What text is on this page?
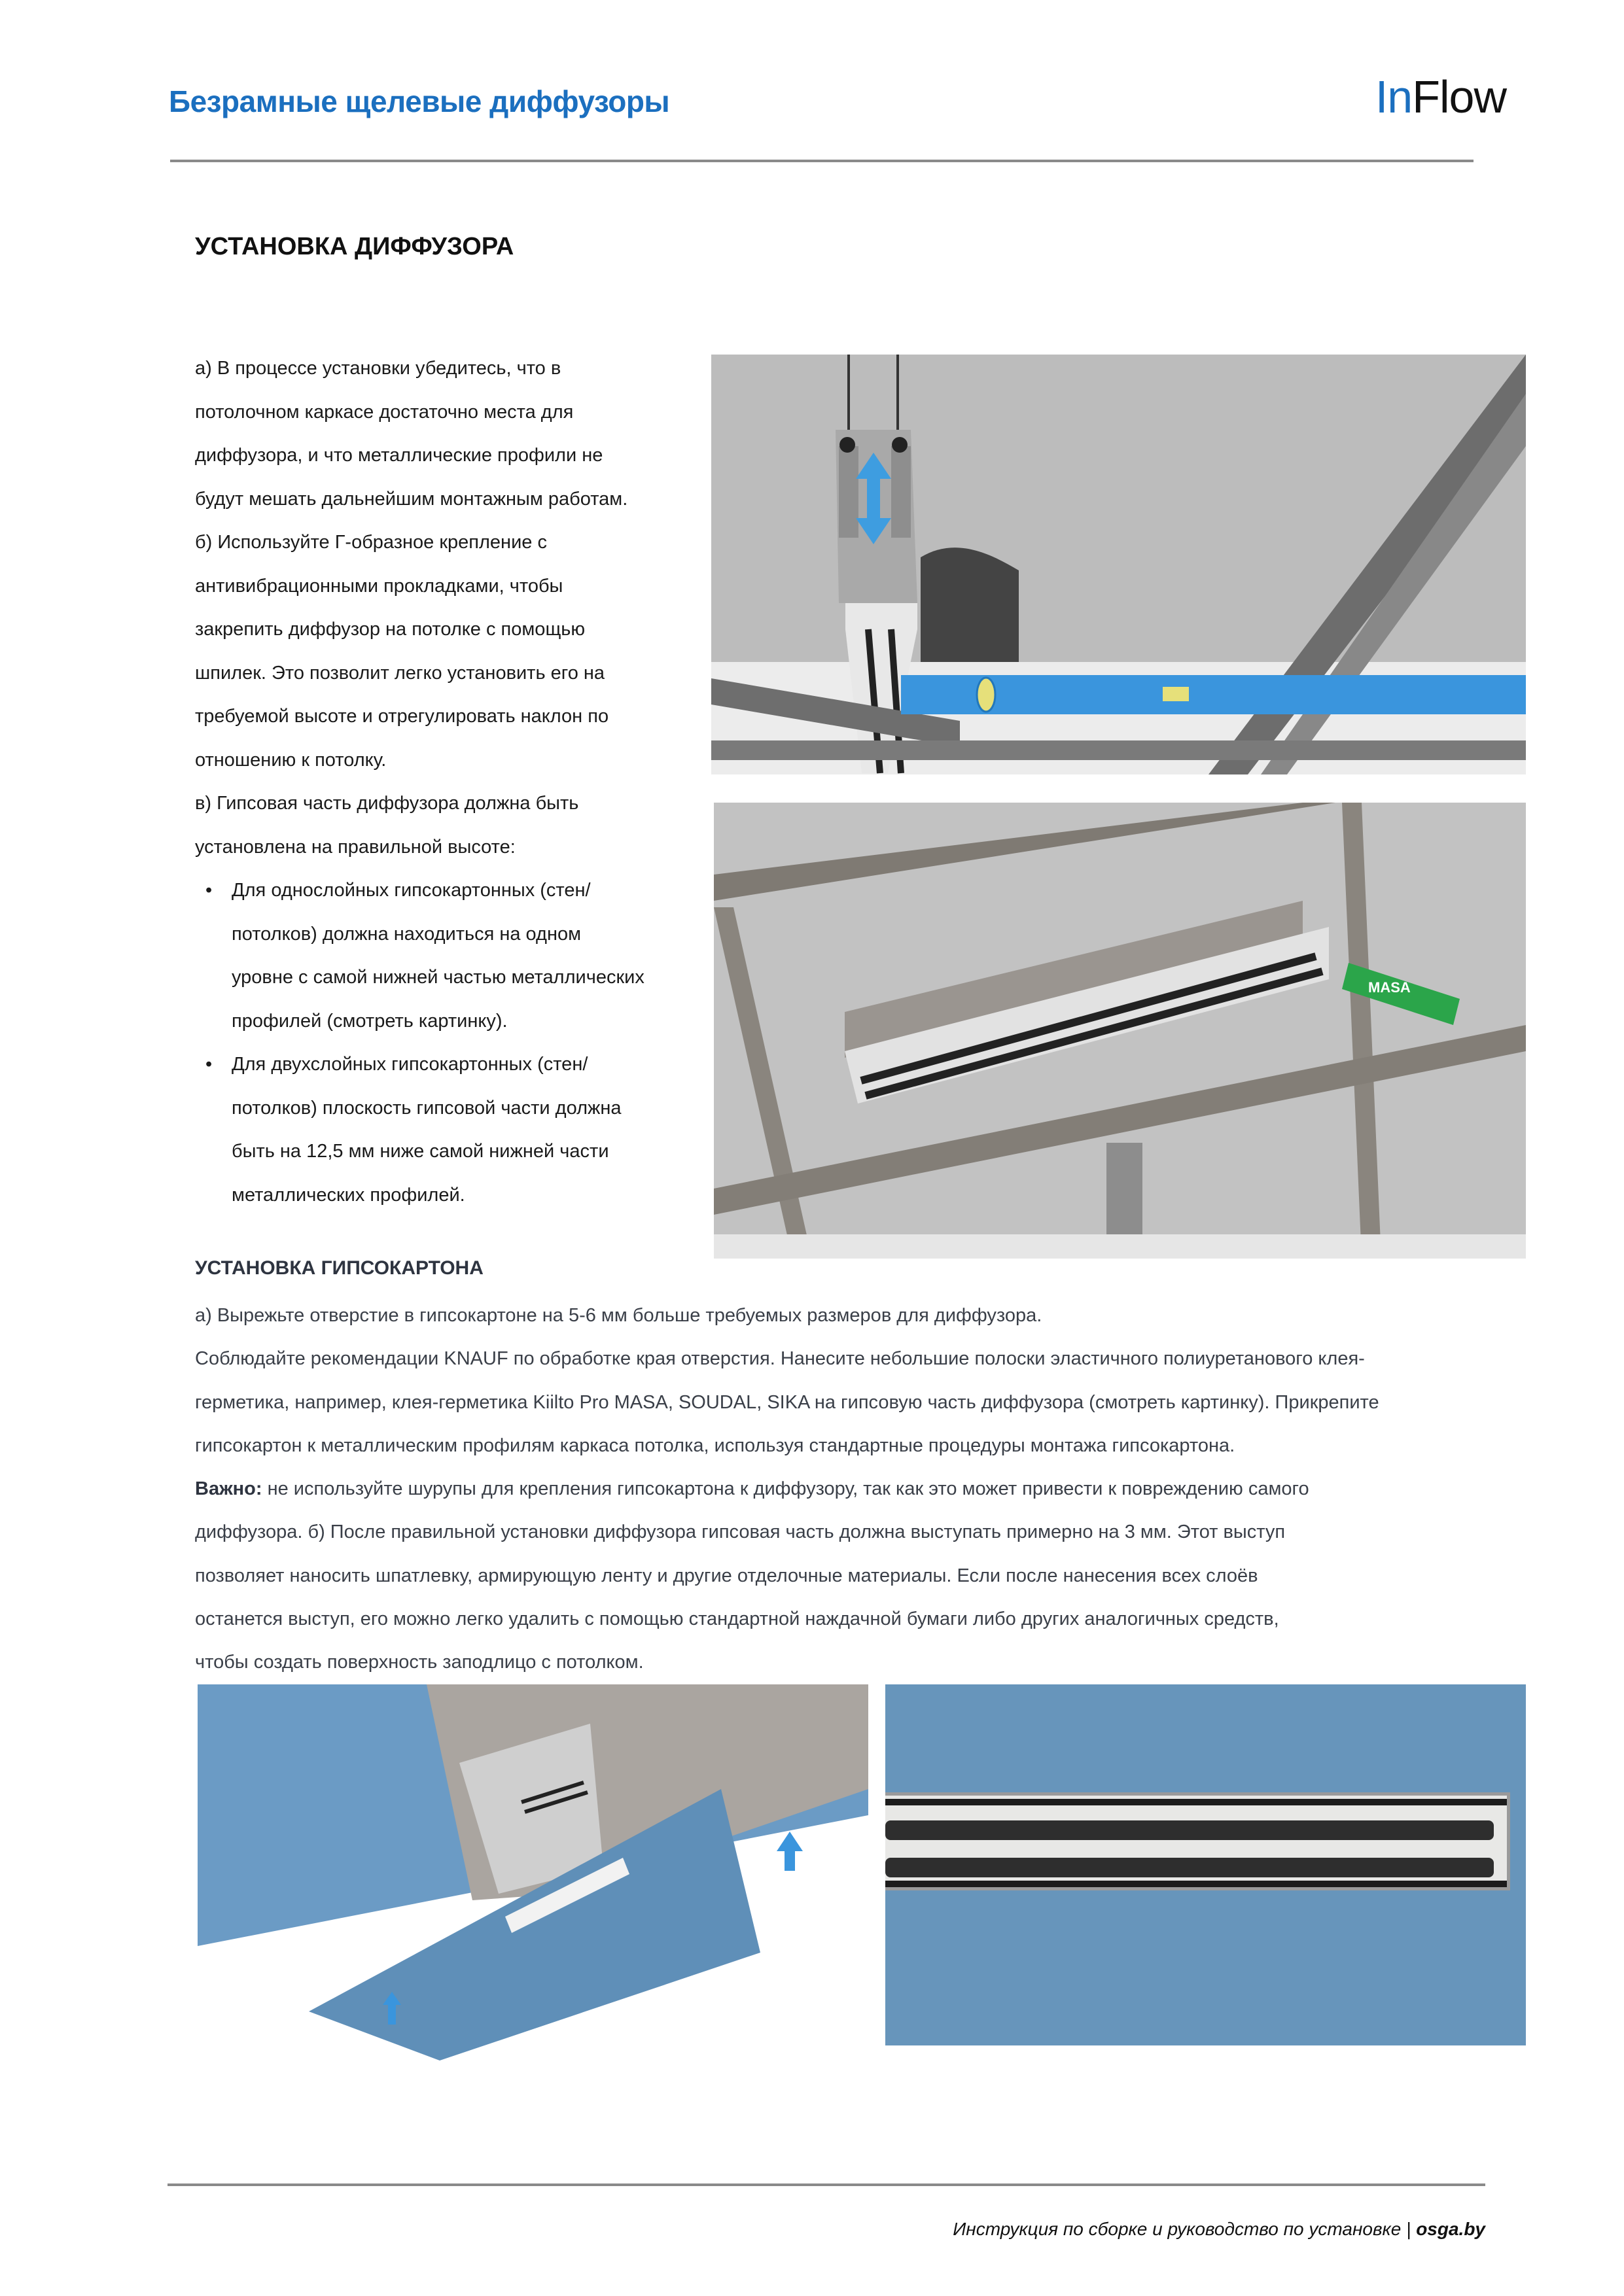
Безрамные щелевые диффузоры	InFlow
УСТАНОВКА ДИФФУЗОРА

а) В процессе установки убедитесь, что в

потолочном каркасе достаточно места для

диффузора, и что металлические профили не

будут мешать дальнейшим монтажным работам.

б) Используйте Г-образное крепление с

антивибрационными прокладками, чтобы

закрепить диффузор на потолке с помощью

шпилек. Это позволит легко установить его на

требуемой высоте и отрегулировать наклон по

отношению к потолку.

в) Гипсовая часть диффузора должна быть

установлена на правильной высоте:

• Для однослойных гипсокартонных (стен/
потолков) должна находиться на одном
уровне с самой нижней частью металлических
профилей (смотреть картинку).
• Для двухслойных гипсокартонных (стен/
потолков) плоскость гипсовой части должна
быть на 12,5 мм ниже самой нижней части
металлических профилей.
MASA
УСТАНОВКА ГИПСОКАРТОНА

а) Вырежьте отверстие в гипсокартоне на 5-6 мм больше требуемых размеров для диффузора.

Соблюдайте рекомендации KNAUF по обработке края отверстия. Нанесите небольшие полоски эластичного полиуретанового клея-

герметика, например, клея-герметика Kiilto Pro MASA, SOUDAL, SIKA на гипсовую часть диффузора (смотреть картинку). Прикрепите

гипсокартон к металлическим профилям каркаса потолка, используя стандартные процедуры монтажа гипсокартона.

Важно: не используйте шурупы для крепления гипсокартона к диффузору, так как это может привести к повреждению самого

диффузора. б) После правильной установки диффузора гипсовая часть должна выступать примерно на 3 мм. Этот выступ

позволяет наносить шпатлевку, армирующую ленту и другие отделочные материалы. Если после нанесения всех слоёв

останется выступ, его можно легко удалить с помощью стандартной наждачной бумаги либо других аналогичных средств,

чтобы создать поверхность заподлицо с потолком.

Инструкция по сборке и руководство по установке | osga.by
